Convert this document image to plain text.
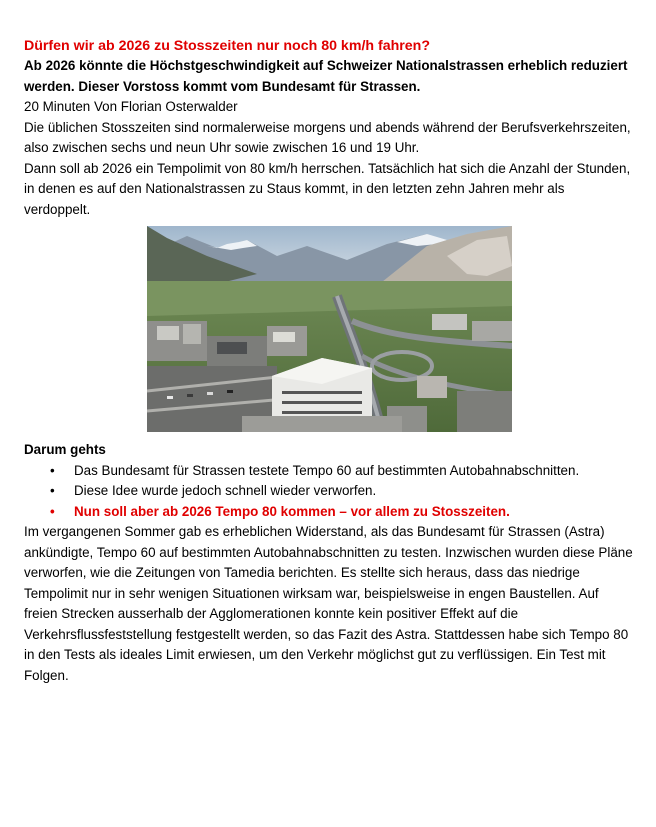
Dürfen wir ab 2026 zu Stosszeiten nur noch 80 km/h fahren?

Ab 2026 könnte die Höchstgeschwindigkeit auf Schweizer Nationalstrassen erheblich reduziert werden. Dieser Vorstoss kommt vom Bundesamt für Strassen.

20 Minuten Von Florian Osterwalder

Die üblichen Stosszeiten sind normalerweise morgens und abends während der Berufsverkehrszeiten, also zwischen sechs und neun Uhr sowie zwischen 16 und 19 Uhr.

Dann soll ab 2026 ein Tempolimit von 80 km/h herrschen. Tatsächlich hat sich die Anzahl der Stunden, in denen es auf den Nationalstrassen zu Staus kommt, in den letzten zehn Jahren mehr als verdoppelt.

Darum gehts

• Das Bundesamt für Strassen testete Tempo 60 auf bestimmten Autobahnabschnitten.
• Diese Idee wurde jedoch schnell wieder verworfen.
• Nun soll aber ab 2026 Tempo 80 kommen – vor allem zu Stosszeiten.

Im vergangenen Sommer gab es erheblichen Widerstand, als das Bundesamt für Strassen (Astra) ankündigte, Tempo 60 auf bestimmten Autobahnabschnitten zu testen. Inzwischen wurden diese Pläne verworfen, wie die Zeitungen von Tamedia berichten. Es stellte sich heraus, dass das niedrige Tempolimit nur in sehr wenigen Situationen wirksam war, beispielsweise in engen Baustellen. Auf freien Strecken ausserhalb der Agglomerationen konnte kein positiver Effekt auf die Verkehrsflussfeststellung festgestellt werden, so das Fazit des Astra. Stattdessen habe sich Tempo 80 in den Tests als ideales Limit erwiesen, um den Verkehr möglichst gut zu verflüssigen. Ein Test mit Folgen.
